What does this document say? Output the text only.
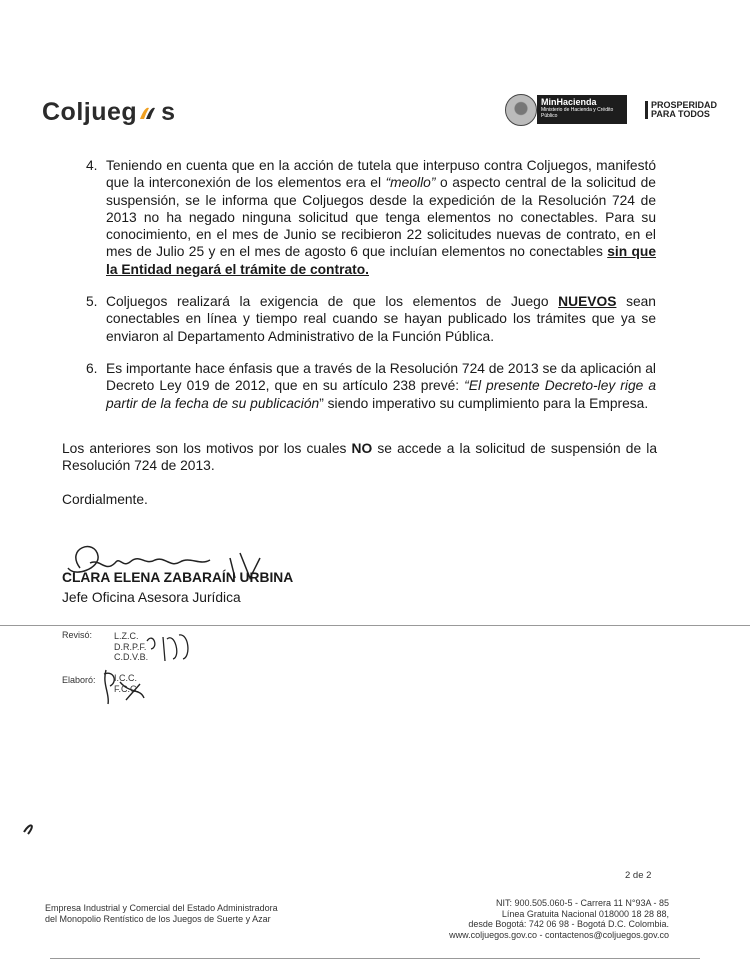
Coljueg s	MinHacienda
Ministerio de Hacienda y Crédito Público
PROSPERIDAD
PARA TODOS
4. Teniendo en cuenta que en la acción de tutela que interpuso contra Coljuegos, manifestó que la interconexión de los elementos era el “meollo” o aspecto central de la solicitud de suspensión, se le informa que Coljuegos desde la expedición de la Resolución 724 de 2013 no ha negado ninguna solicitud que tenga elementos no conectables. Para su conocimiento, en el mes de Junio se recibieron 22 solicitudes nuevas de contrato, en el mes de Julio 25 y en el mes de agosto 6 que incluían elementos no conectables sin que la Entidad negará el trámite de contrato.
5. Coljuegos realizará la exigencia de que los elementos de Juego NUEVOS sean conectables en línea y tiempo real cuando se hayan publicado los trámites que ya se enviaron al Departamento Administrativo de la Función Pública.
6. Es importante hace énfasis que a través de la Resolución 724 de 2013 se da aplicación al Decreto Ley 019 de 2012, que en su artículo 238 prevé: “El presente Decreto-ley rige a partir de la fecha de su publicación” siendo imperativo su cumplimiento para la Empresa.
Los anteriores son los motivos por los cuales NO se accede a la solicitud de suspensión de la Resolución 724 de 2013.
Cordialmente.
CLARA ELENA ZABARAÍN URBINA
Jefe Oficina Asesora Jurídica
Revisó: L.Z.C.
D.R.P.F.
C.D.V.B.
Elaboró: I.C.C.
F.C.C.
2 de 2
Empresa Industrial y Comercial del Estado Administradora
del Monopolio Rentístico de los Juegos de Suerte y Azar
NIT: 900.505.060-5 - Carrera 11 N°93A - 85
Línea Gratuita Nacional 018000 18 28 88,
desde Bogotá: 742 06 98 - Bogotá D.C. Colombia.
www.coljuegos.gov.co - contactenos@coljuegos.gov.co
